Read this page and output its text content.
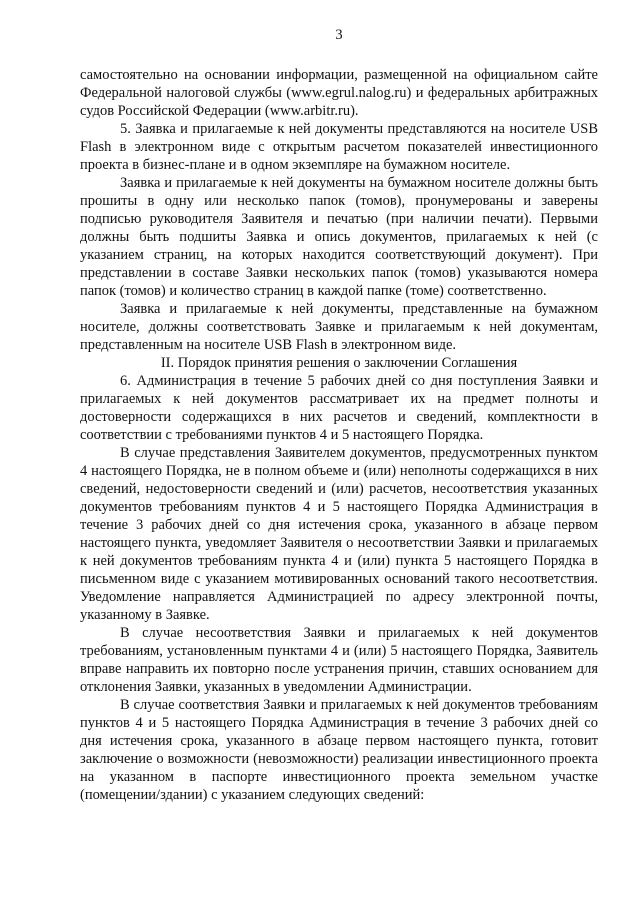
3

самостоятельно на основании информации, размещенной на официальном сайте Федеральной налоговой службы (www.egrul.nalog.ru) и федеральных арбитражных судов Российской Федерации (www.arbitr.ru).

5. Заявка и прилагаемые к ней документы представляются на носителе USB Flash в электронном виде с открытым расчетом показателей инвестиционного проекта в бизнес-плане и в одном экземпляре на бумажном носителе.

Заявка и прилагаемые к ней документы на бумажном носителе должны быть прошиты в одну или несколько папок (томов), пронумерованы и заверены подписью руководителя Заявителя и печатью (при наличии печати). Первыми должны быть подшиты Заявка и опись документов, прилагаемых к ней (с указанием страниц, на которых находится соответствующий документ). При представлении в составе Заявки нескольких папок (томов) указываются номера папок (томов) и количество страниц в каждой папке (томе) соответственно.

Заявка и прилагаемые к ней документы, представленные на бумажном носителе, должны соответствовать Заявке и прилагаемым к ней документам, представленным на носителе USB Flash в электронном виде.

II. Порядок принятия решения о заключении Соглашения

6. Администрация в течение 5 рабочих дней со дня поступления Заявки и прилагаемых к ней документов рассматривает их на предмет полноты и достоверности содержащихся в них расчетов и сведений, комплектности в соответствии с требованиями пунктов 4 и 5 настоящего Порядка.

В случае представления Заявителем документов, предусмотренных пунктом 4 настоящего Порядка, не в полном объеме и (или) неполноты содержащихся в них сведений, недостоверности сведений и (или) расчетов, несоответствия указанных документов требованиям пунктов 4 и 5 настоящего Порядка Администрация в течение 3 рабочих дней со дня истечения срока, указанного в абзаце первом настоящего пункта, уведомляет Заявителя о несоответствии Заявки и прилагаемых к ней документов требованиям пункта 4 и (или) пункта 5 настоящего Порядка в письменном виде с указанием мотивированных оснований такого несоответствия. Уведомление направляется Администрацией по адресу электронной почты, указанному в Заявке.

В случае несоответствия Заявки и прилагаемых к ней документов требованиям, установленным пунктами 4 и (или) 5 настоящего Порядка, Заявитель вправе направить их повторно после устранения причин, ставших основанием для отклонения Заявки, указанных в уведомлении Администрации.

В случае соответствия Заявки и прилагаемых к ней документов требованиям пунктов 4 и 5 настоящего Порядка Администрация в течение 3 рабочих дней со дня истечения срока, указанного в абзаце первом настоящего пункта, готовит заключение о возможности (невозможности) реализации инвестиционного проекта на указанном в паспорте инвестиционного проекта земельном участке (помещении/здании) с указанием следующих сведений:
